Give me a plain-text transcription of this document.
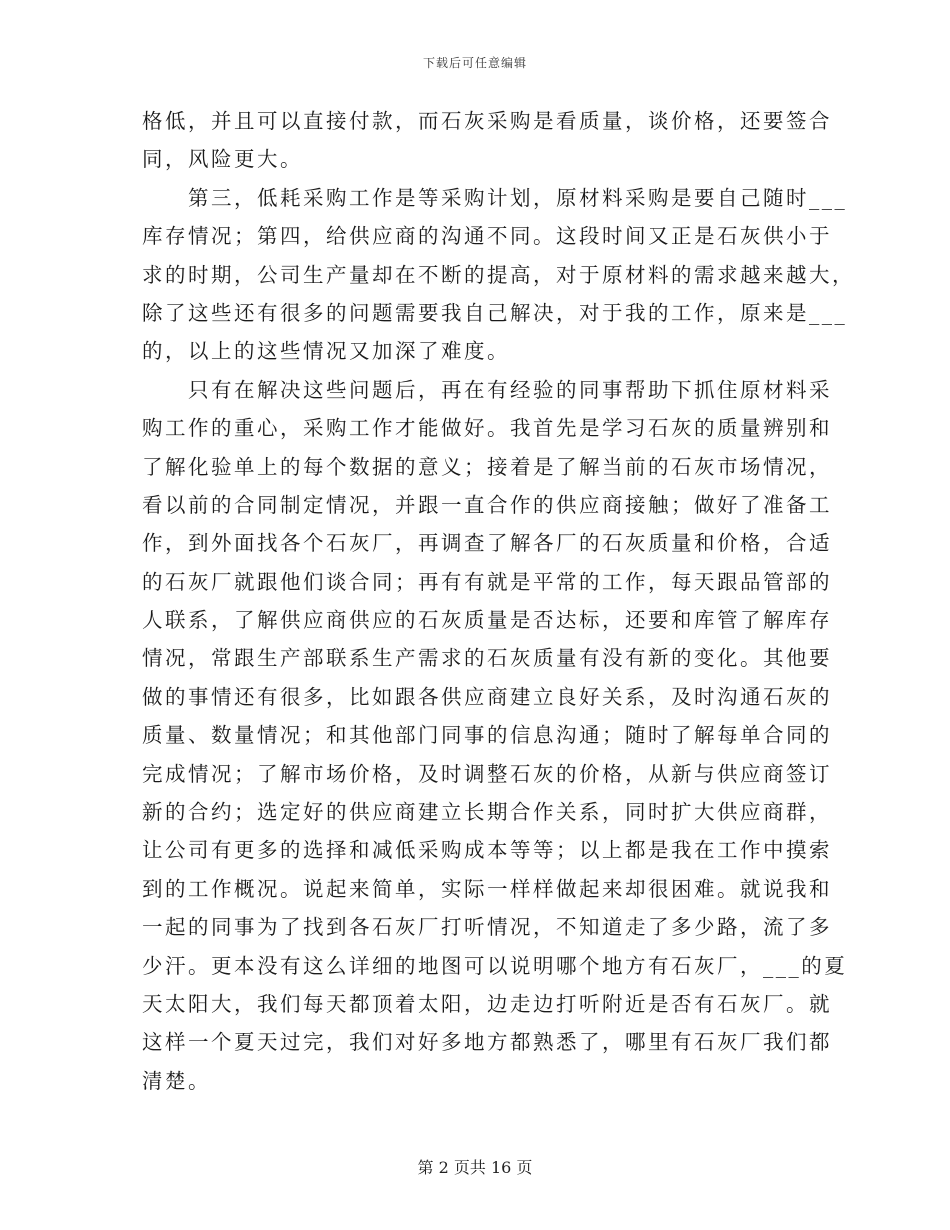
下载后可任意编辑
格低，并且可以直接付款，而石灰采购是看质量，谈价格，还要签合
同，风险更大。
　　第三，低耗采购工作是等采购计划，原材料采购是要自己随时___
库存情况；第四，给供应商的沟通不同。这段时间又正是石灰供小于
求的时期，公司生产量却在不断的提高，对于原材料的需求越来越大，
除了这些还有很多的问题需要我自己解决，对于我的工作，原来是___
的，以上的这些情况又加深了难度。
　　只有在解决这些问题后，再在有经验的同事帮助下抓住原材料采
购工作的重心，采购工作才能做好。我首先是学习石灰的质量辨别和
了解化验单上的每个数据的意义；接着是了解当前的石灰市场情况，
看以前的合同制定情况，并跟一直合作的供应商接触；做好了准备工
作，到外面找各个石灰厂，再调查了解各厂的石灰质量和价格，合适
的石灰厂就跟他们谈合同；再有有就是平常的工作，每天跟品管部的
人联系，了解供应商供应的石灰质量是否达标，还要和库管了解库存
情况，常跟生产部联系生产需求的石灰质量有没有新的变化。其他要
做的事情还有很多，比如跟各供应商建立良好关系，及时沟通石灰的
质量、数量情况；和其他部门同事的信息沟通；随时了解每单合同的
完成情况；了解市场价格，及时调整石灰的价格，从新与供应商签订
新的合约；选定好的供应商建立长期合作关系，同时扩大供应商群，
让公司有更多的选择和减低采购成本等等；以上都是我在工作中摸索
到的工作概况。说起来简单，实际一样样做起来却很困难。就说我和
一起的同事为了找到各石灰厂打听情况，不知道走了多少路，流了多
少汗。更本没有这么详细的地图可以说明哪个地方有石灰厂，___的夏
天太阳大，我们每天都顶着太阳，边走边打听附近是否有石灰厂。就
这样一个夏天过完，我们对好多地方都熟悉了，哪里有石灰厂我们都
清楚。
第 2 页共 16 页
